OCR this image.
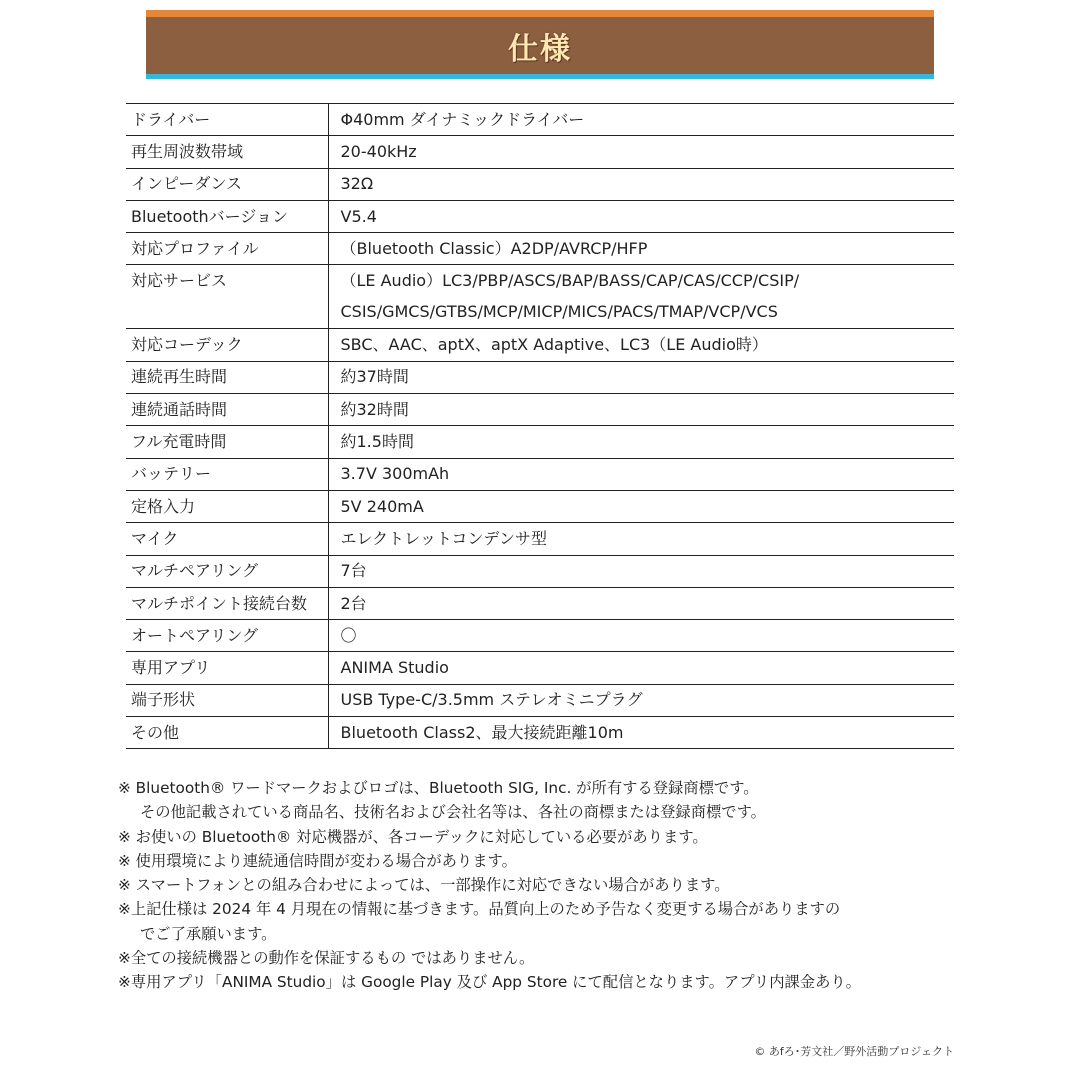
仕様
ドライバー	Φ40mm ダイナミックドライバー
再生周波数帯域	20-40kHz
インピーダンス	32Ω
Bluetoothバージョン	V5.4
対応プロファイル	（Bluetooth Classic）A2DP/AVRCP/HFP
対応サービス	（LE Audio）LC3/PBP/ASCS/BAP/BASS/CAP/CAS/CCP/CSIP/
CSIS/GMCS/GTBS/MCP/MICP/MICS/PACS/TMAP/VCP/VCS

対応コーデック	SBC、AAC、aptX、aptX Adaptive、LC3（LE Audio時）
連続再生時間	約37時間
連続通話時間	約32時間
フル充電時間	約1.5時間
バッテリー	3.7V 300mAh
定格入力	5V 240mA
マイク	エレクトレットコンデンサ型
マルチペアリング	7台
マルチポイント接続台数	2台
オートペアリング	〇
専用アプリ	ANIMA Studio
端子形状	USB Type-C/3.5mm ステレオミニプラグ
その他	Bluetooth Class2、最大接続距離10m
※ Bluetooth® ワードマークおよびロゴは、Bluetooth SIG, Inc. が所有する登録商標です。
その他記載されている商品名、技術名および会社名等は、各社の商標または登録商標です。
※ お使いの Bluetooth® 対応機器が、各コーデックに対応している必要があります。
※ 使用環境により連続通信時間が変わる場合があります。
※ スマートフォンとの組み合わせによっては、一部操作に対応できない場合があります。
※上記仕様は 2024 年 4 月現在の情報に基づきます。品質向上のため予告なく変更する場合がありますの
でご了承願います。
※全ての接続機器との動作を保証するもの ではありません。
※専用アプリ「ANIMA Studio」は Google Play 及び App Store にて配信となります。アプリ内課金あり。
© あfろ･芳文社／野外活動プロジェクト
